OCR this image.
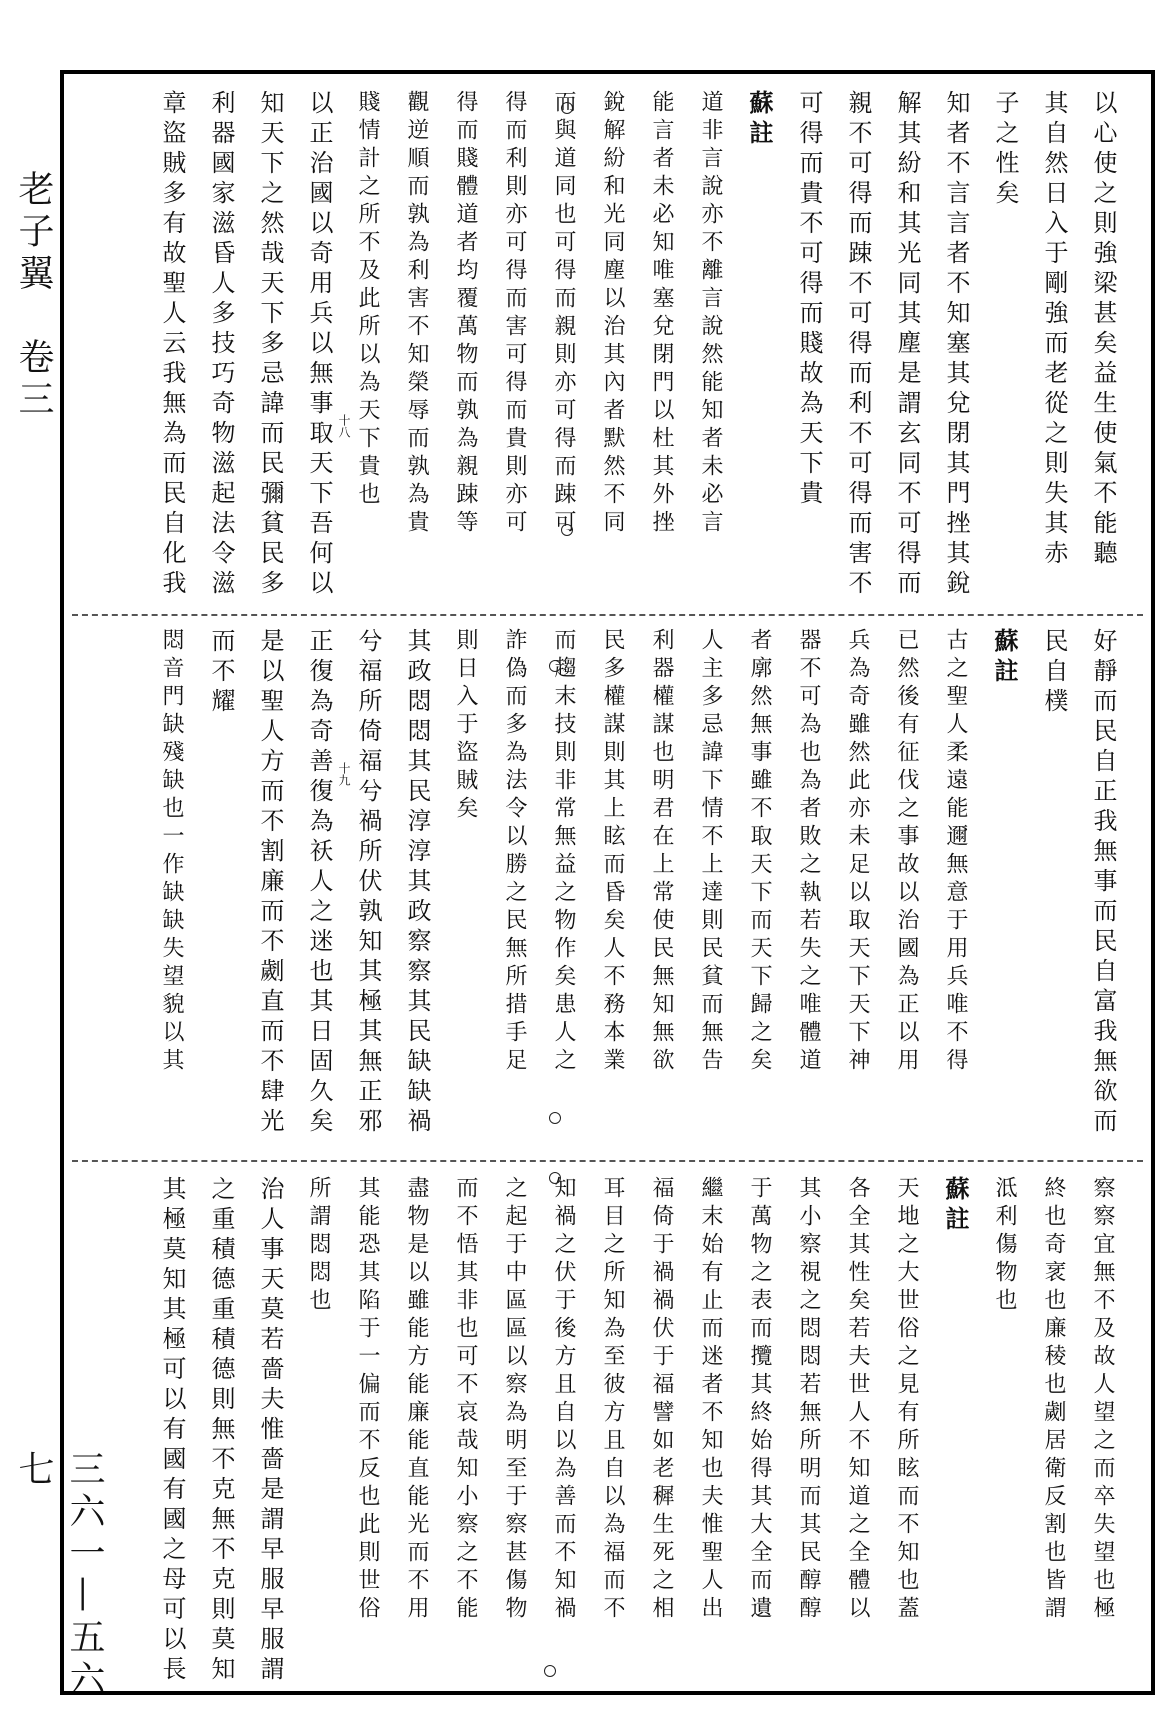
老子翼　卷三
三六一—五六七
以心使之則強梁甚矣益生使氣不能聽
其自然日入于剛強而老從之則失其赤
子之性矣
知者不言言者不知塞其兌閉其門挫其銳
解其紛和其光同其塵是謂玄同不可得而
親不可得而踈不可得而利不可得而害不
可得而貴不可得而賤故為天下貴
蘇註
道非言說亦不離言說然能知者未必言
能言者未必知唯塞兌閉門以杜其外挫
銳解紛和光同塵以治其內者默然不同
而與道同也可得而親則亦可得而踈可
得而利則亦可得而害可得而貴則亦可
得而賤體道者均覆萬物而孰為親踈等
觀逆順而孰為利害不知榮辱而孰為貴
賤情計之所不及此所以為天下貴也
以正治國以奇用兵以無事取天下吾何以
知天下之然哉天下多忌諱而民彌貧民多
利器國家滋昏人多技巧奇物滋起法令滋
章盜賊多有故聖人云我無為而民自化我	十八
好靜而民自正我無事而民自富我無欲而
民自樸
蘇註
古之聖人柔遠能邇無意于用兵唯不得
已然後有征伐之事故以治國為正以用
兵為奇雖然此亦未足以取天下天下神
器不可為也為者敗之執若失之唯體道
者廓然無事雖不取天下而天下歸之矣
人主多忌諱下情不上達則民貧而無告
利器權謀也明君在上常使民無知無欲
民多權謀則其上眩而昏矣人不務本業
而趨末技則非常無益之物作矣患人之
詐偽而多為法令以勝之民無所措手足
則日入于盜賊矣
其政悶悶其民淳淳其政察察其民缺缺禍
兮福所倚福兮禍所伏孰知其極其無正邪
正復為奇善復為祅人之迷也其日固久矣
是以聖人方而不割廉而不劌直而不肆光
而不耀
悶音門缺殘缺也一作缺缺失望貌以其	十九
察察宜無不及故人望之而卒失望也極
終也奇衺也廉稜也劌居衛反割也皆謂
泜利傷物也
蘇註
天地之大世俗之見有所眩而不知也蓋
各全其性矣若夫世人不知道之全體以
其小察視之悶悶若無所明而其民醇醇
于萬物之表而攬其終始得其大全而遺
繼末始有止而迷者不知也夫惟聖人出
福倚于禍禍伏于福譬如老穉生死之相
耳目之所知為至彼方且自以為福而不
知禍之伏于後方且自以為善而不知禍
之起于中區區以察為明至于察甚傷物
而不悟其非也可不哀哉知小察之不能
盡物是以雖能方能廉能直能光而不用
其能恐其陷于一偏而不反也此則世俗
所謂悶悶也
治人事天莫若嗇夫惟嗇是謂早服早服謂
之重積德重積德則無不克無不克則莫知
其極莫知其極可以有國有國之母可以長
